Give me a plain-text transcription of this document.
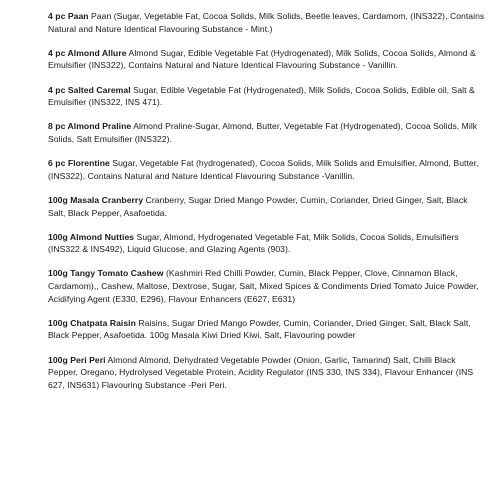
4 pc Paan Paan (Sugar, Vegetable Fat, Cocoa Solids, Milk Solids, Beetle leaves, Cardamom, (INS322), Contains Natural and Nature Identical Flavouring Substance - Mint.)

4 pc Almond Allure Almond Sugar, Edible Vegetable Fat (Hydrogenated), Milk Solids, Cocoa Solids, Almond & Emulsifier (INS322), Contains Natural and Nature Identical Flavouring Substance - Vanillin.

4 pc Salted Caremal Sugar, Edible Vegetable Fat (Hydrogenated), Milk Solids, Cocoa Solids, Edible oil, Salt & Emulsifier (INS322, INS 471).

8 pc Almond Praline Almond Praline-Sugar, Almond, Butter, Vegetable Fat (Hydrogenated), Cocoa Solids, Milk Solids, Salt Emulsifier (INS322).

6 pc Florentine Sugar, Vegetable Fat (hydrogenated), Cocoa Solids, Milk Solids and Emulsifier, Almond, Butter, (INS322), Contains Natural and Nature Identical Flavouring Substance -Vanillin.

100g Masala Cranberry Cranberry, Sugar Dried Mango Powder, Cumin, Coriander, Dried Ginger, Salt, Black Salt, Black Pepper, Asafoetida.

100g Almond Nutties Sugar, Almond, Hydrogenated Vegetable Fat, Milk Solids, Cocoa Solids, Emulsifiers (INS322 & INS492), Liquid Glucose, and Glazing Agents (903).

100g Tangy Tomato Cashew (Kashmiri Red Chilli Powder, Cumin, Black Pepper, Clove, Cinnamon Black, Cardamom),, Cashew, Maltose, Dextrose, Sugar, Salt, Mixed Spices & Condiments Dried Tomato Juice Powder, Acidifying Agent (E330, E296), Flavour Enhancers (E627, E631)

100g Chatpata Raisin Raisins, Sugar Dried Mango Powder, Cumin, Coriander, Dried Ginger, Salt, Black Salt, Black Pepper, Asafoetida. 100g Masala Kiwi Dried Kiwi, Salt, Flavouring powder

100g Peri Peri Almond Almond, Dehydrated Vegetable Powder (Onion, Garlic, Tamarind) Salt, Chilli Black Pepper, Oregano, Hydrolysed Vegetable Protein, Acidity Regulator (INS 330, INS 334), Flavour Enhancer (INS 627, INS631) Flavouring Substance -Peri Peri.
